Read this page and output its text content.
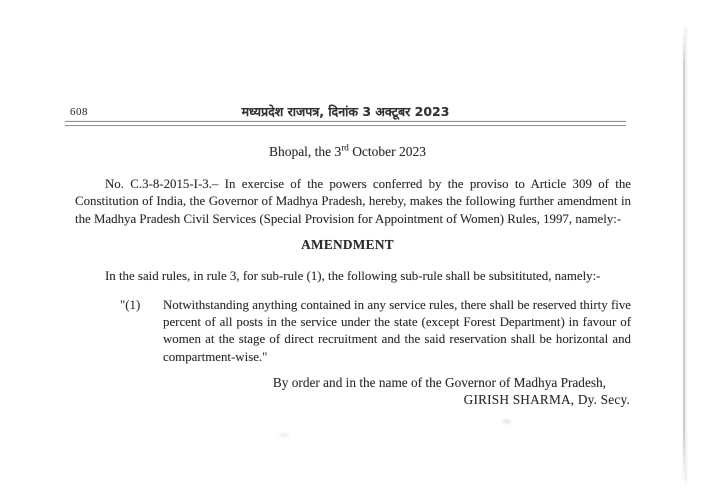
608	मध्यप्रदेश राजपत्र, दिनांक 3 अक्टूबर 2023
Bhopal, the 3rd October 2023
No. C.3-8-2015-I-3.– In exercise of the powers conferred by the proviso to Article 309 of the Constitution of India, the Governor of Madhya Pradesh, hereby, makes the following further amendment in the Madhya Pradesh Civil Services (Special Provision for Appointment of Women) Rules, 1997, namely:-
AMENDMENT
In the said rules, in rule 3, for sub-rule (1), the following sub-rule shall be subsitituted, namely:-
"(1)	Notwithstanding anything contained in any service rules, there shall be reserved thirty five percent of all posts in the service under the state (except Forest Department) in favour of women at the stage of direct recruitment and the said reservation shall be horizontal and compartment-wise."
By order and in the name of the Governor of Madhya Pradesh,
GIRISH SHARMA, Dy. Secy.
